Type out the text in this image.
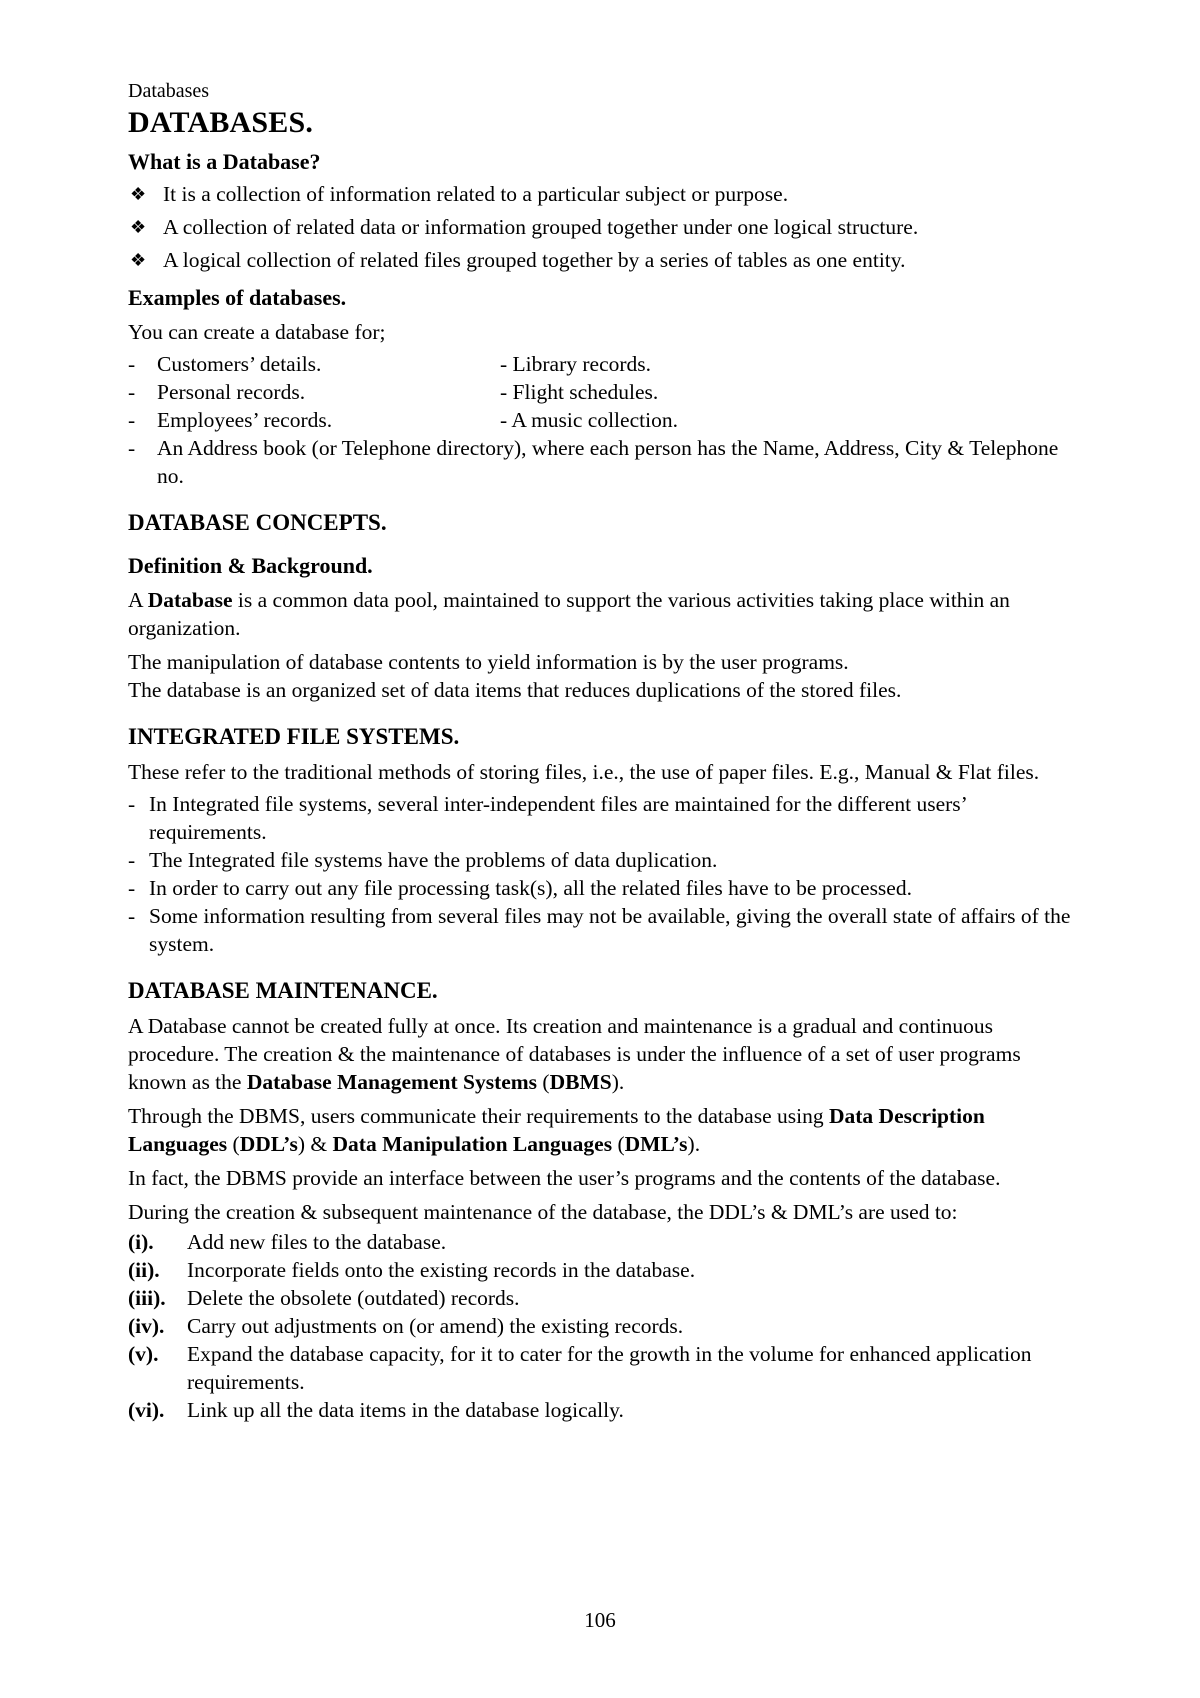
Databases
DATABASES.
What is a Database?
❖ It is a collection of information related to a particular subject or purpose.
❖ A collection of related data or information grouped together under one logical structure.
❖ A logical collection of related files grouped together by a series of tables as one entity.
Examples of databases.

You can create a database for;

- Customers’ details.	- Library records.
- Personal records.	- Flight schedules.
- Employees’ records.	- A music collection.
- An Address book (or Telephone directory), where each person has the Name, Address, City & Telephone no.
DATABASE CONCEPTS.
Definition & Background.

A Database is a common data pool, maintained to support the various activities taking place within an organization.

The manipulation of database contents to yield information is by the user programs.

The database is an organized set of data items that reduces duplications of the stored files.

INTEGRATED FILE SYSTEMS.

These refer to the traditional methods of storing files, i.e., the use of paper files. E.g., Manual & Flat files.

- In Integrated file systems, several inter-independent files are maintained for the different users’ requirements.
- The Integrated file systems have the problems of data duplication.
- In order to carry out any file processing task(s), all the related files have to be processed.
- Some information resulting from several files may not be available, giving the overall state of affairs of the system.
DATABASE MAINTENANCE.

A Database cannot be created fully at once. Its creation and maintenance is a gradual and continuous procedure. The creation & the maintenance of databases is under the influence of a set of user programs known as the Database Management Systems (DBMS).

Through the DBMS, users communicate their requirements to the database using Data Description Languages (DDL’s) & Data Manipulation Languages (DML’s).

In fact, the DBMS provide an interface between the user’s programs and the contents of the database.

During the creation & subsequent maintenance of the database, the DDL’s & DML’s are used to:

(i). Add new files to the database.
(ii). Incorporate fields onto the existing records in the database.
(iii). Delete the obsolete (outdated) records.
(iv). Carry out adjustments on (or amend) the existing records.
(v). Expand the database capacity, for it to cater for the growth in the volume for enhanced application requirements.
(vi). Link up all the data items in the database logically.
106
